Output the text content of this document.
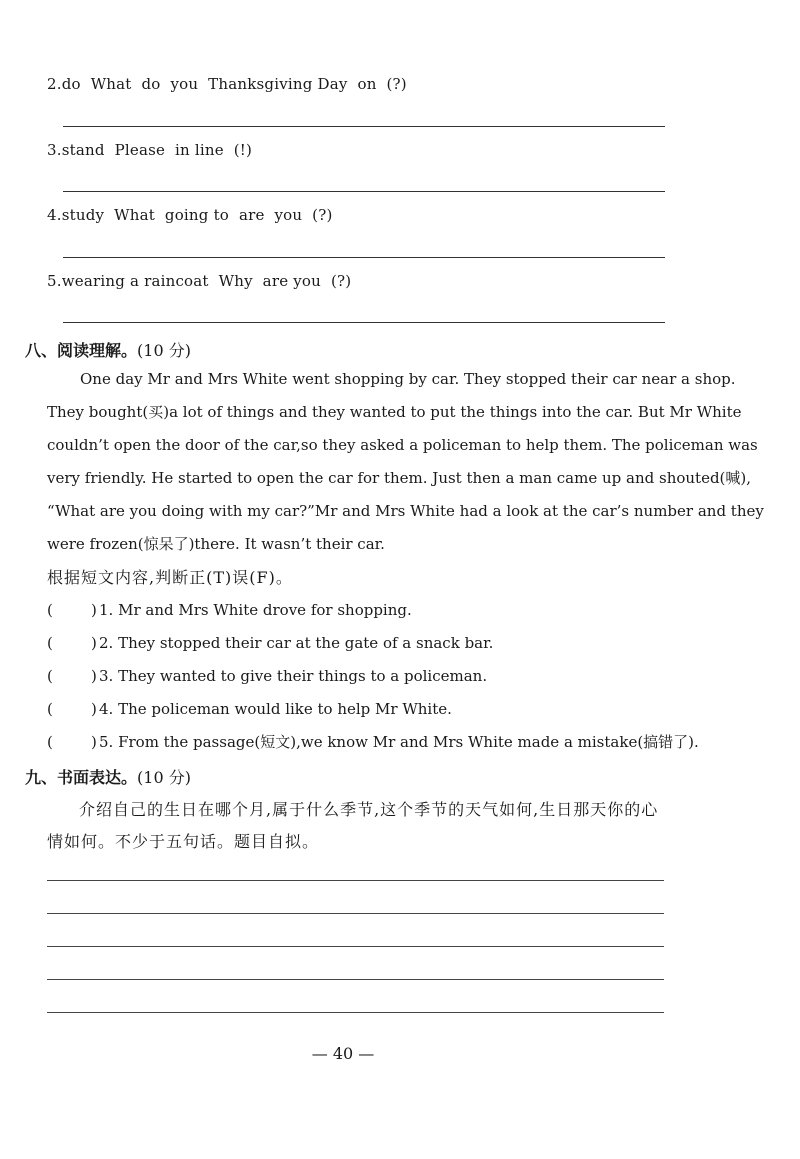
2.do  What  do  you  Thanksgiving Day  on  (?)
3.stand  Please  in line  (!)
4.study  What  going to  are  you  (?)
5.wearing a raincoat  Why  are you  (?)
八、阅读理解。(10 分)
One day Mr and Mrs White went shopping by car. They stopped their car near a shop.
They bought(买)a lot of things and they wanted to put the things into the car. But Mr White
couldn’t open the door of the car,so they asked a policeman to help them. The policeman was
very friendly. He started to open the car for them. Just then a man came up and shouted(喊),
“What are you doing with my car?”Mr and Mrs White had a look at the car’s number and they
were frozen(惊呆了)there. It wasn’t their car.
根据短文内容,判断正(T)误(F)。
(        ) 1. Mr and Mrs White drove for shopping.
(        ) 2. They stopped their car at the gate of a snack bar.
(        ) 3. They wanted to give their things to a policeman.
(        ) 4. The policeman would like to help Mr White.
(        ) 5. From the passage(短文),we know Mr and Mrs White made a mistake(搞错了).
九、书面表达。(10 分)
介绍自己的生日在哪个月,属于什么季节,这个季节的天气如何,生日那天你的心
情如何。不少于五句话。题目自拟。
— 40 —
